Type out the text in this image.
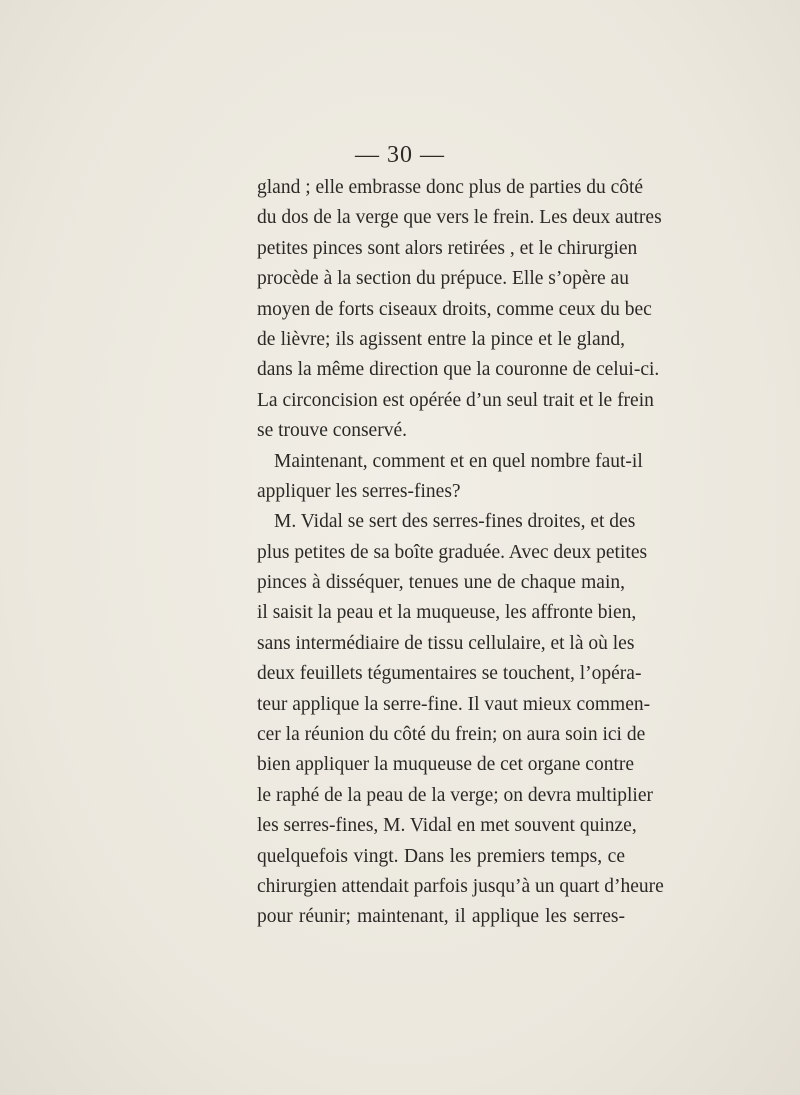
— 30 —
gland ; elle embrasse donc plus de parties du côté
du dos de la verge que vers le frein. Les deux autres
petites pinces sont alors retirées , et le chirurgien
procède à la section du prépuce. Elle s’opère au
moyen de forts ciseaux droits, comme ceux du bec
de lièvre; ils agissent entre la pince et le gland,
dans la même direction que la couronne de celui-ci.
La circoncision est opérée d’un seul trait et le frein
se trouve conservé.
Maintenant, comment et en quel nombre faut-il
appliquer les serres-fines?
M. Vidal se sert des serres-fines droites, et des
plus petites de sa boîte graduée. Avec deux petites
pinces à disséquer, tenues une de chaque main,
il saisit la peau et la muqueuse, les affronte bien,
sans intermédiaire de tissu cellulaire, et là où les
deux feuillets tégumentaires se touchent, l’opéra-
teur applique la serre-fine. Il vaut mieux commen-
cer la réunion du côté du frein; on aura soin ici de
bien appliquer la muqueuse de cet organe contre
le raphé de la peau de la verge; on devra multiplier
les serres-fines, M. Vidal en met souvent quinze,
quelquefois vingt. Dans les premiers temps, ce
chirurgien attendait parfois jusqu’à un quart d’heure
pour réunir; maintenant, il applique les serres-
